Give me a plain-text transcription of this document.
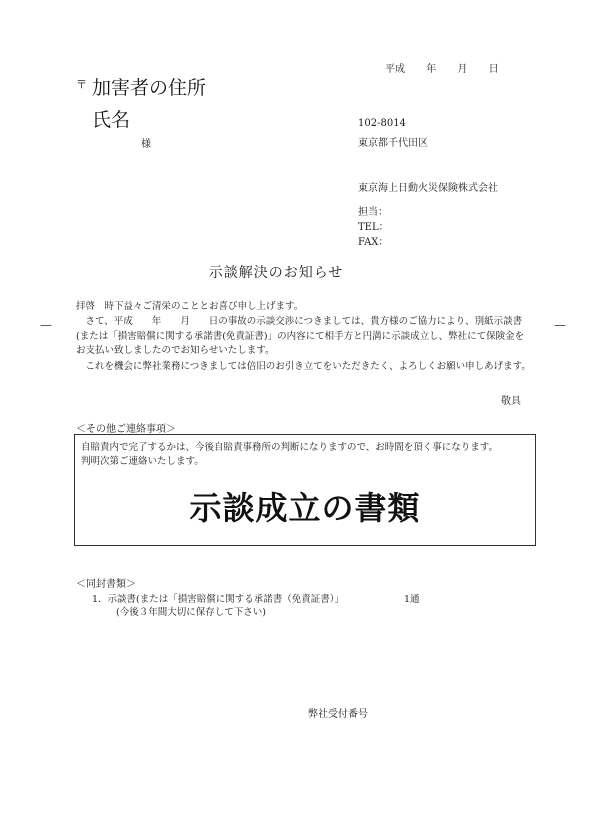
平成 年 月 日
〒 加害者の住所
氏名
様
102-8014
東京都千代田区
東京海上日動火災保険株式会社
担当：
TEL：
FAX：
示談解決のお知らせ
—	—
拝啓　時下益々ご清栄のこととお喜び申し上げます。
さて、平成　　年　　月　　日の事故の示談交渉につきましては、貴方様のご協力により、別紙示談書(または「損害賠償に関する承諾書(免責証書)」の内容にて相手方と円満に示談成立し、弊社にて保険金をお支払い致しましたのでお知らせいたします。
これを機会に弊社業務につきましては倍旧のお引き立てをいただきたく、よろしくお願い申しあげます。
敬具
＜その他ご連絡事項＞
自賠責内で完了するかは、今後自賠責事務所の判断になりますので、お時間を頂く事になります。
判明次第ご連絡いたします。
示談成立の書類
＜同封書類＞
1．示談書(または「損害賠償に関する承諾書（免責証書）」	1通
(今後３年間大切に保存して下さい)
弊社受付番号
